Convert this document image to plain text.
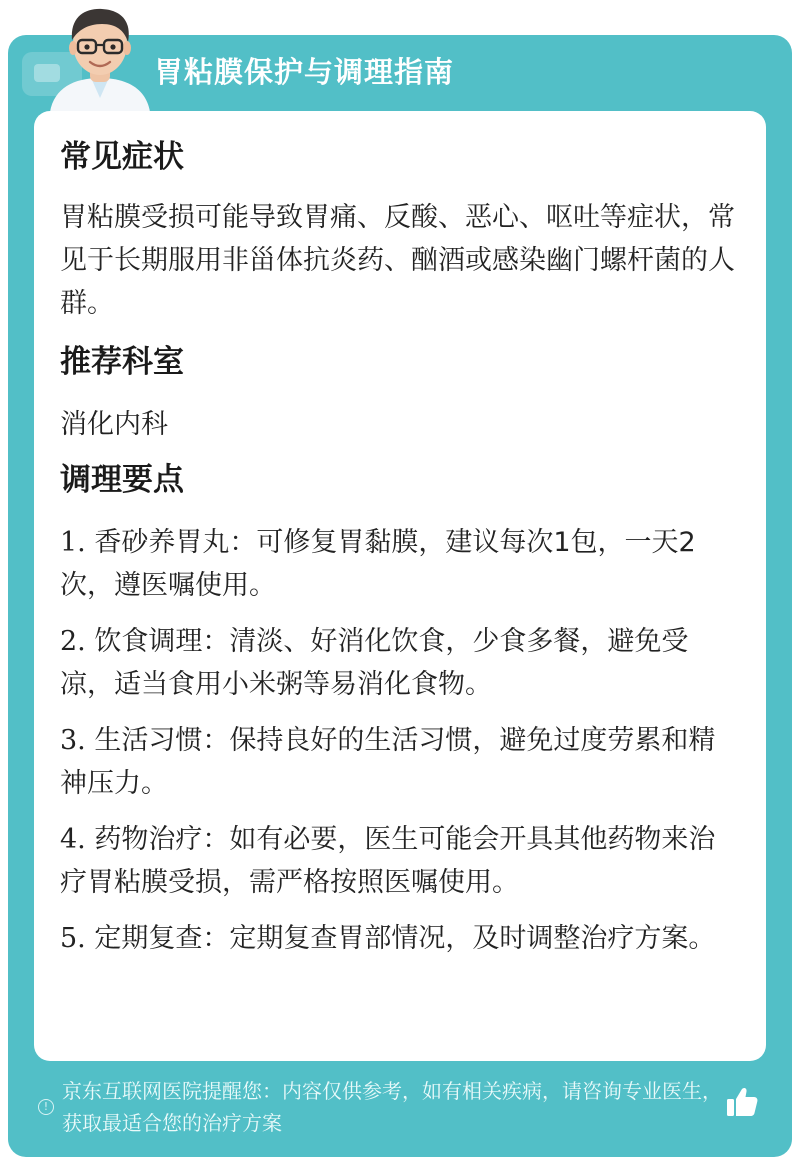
胃粘膜保护与调理指南
常见症状

胃粘膜受损可能导致胃痛、反酸、恶心、呕吐等症状，常见于长期服用非甾体抗炎药、酗酒或感染幽门螺杆菌的人群。

推荐科室

消化内科

调理要点

1. 香砂养胃丸：可修复胃黏膜，建议每次1包，一天2次，遵医嘱使用。

2. 饮食调理：清淡、好消化饮食，少食多餐，避免受凉，适当食用小米粥等易消化食物。

3. 生活习惯：保持良好的生活习惯，避免过度劳累和精神压力。

4. 药物治疗：如有必要，医生可能会开具其他药物来治疗胃粘膜受损，需严格按照医嘱使用。

5. 定期复查：定期复查胃部情况，及时调整治疗方案。

!
京东互联网医院提醒您：内容仅供参考，如有相关疾病，请咨询专业医生，获取最适合您的治疗方案
